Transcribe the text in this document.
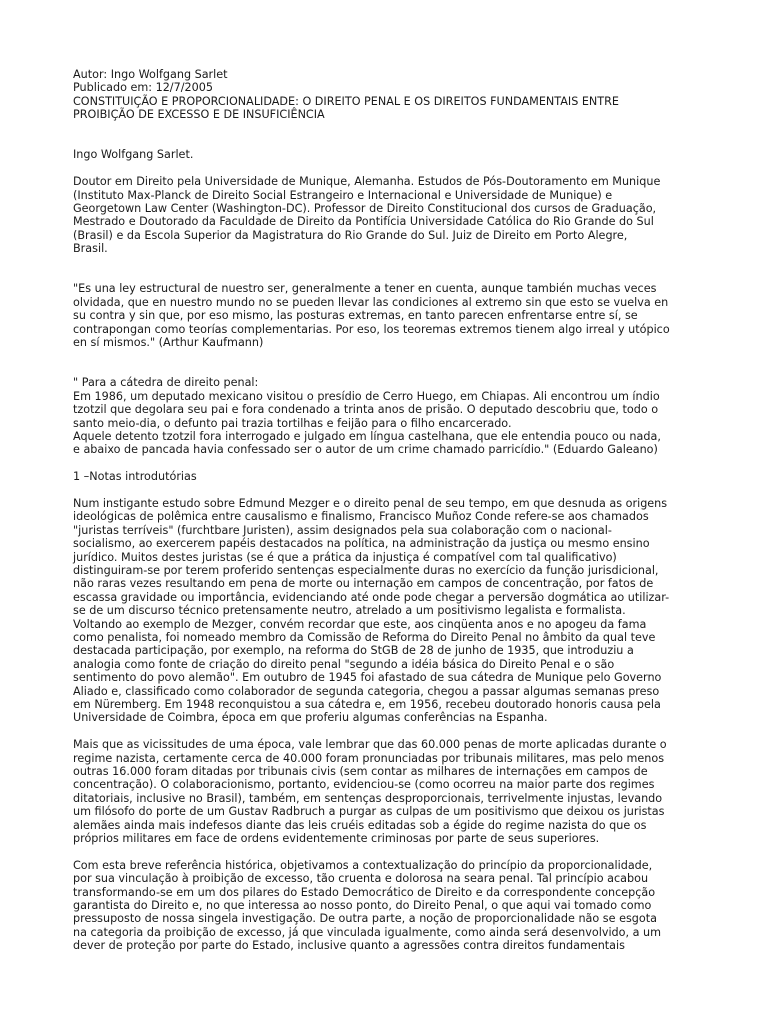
Autor: Ingo Wolfgang Sarlet
Publicado em: 12/7/2005
CONSTITUIÇÃO E PROPORCIONALIDADE: O DIREITO PENAL E OS DIREITOS FUNDAMENTAIS ENTRE
PROIBIÇÃO DE EXCESSO E DE INSUFICIÊNCIA
Ingo Wolfgang Sarlet.
Doutor em Direito pela Universidade de Munique, Alemanha. Estudos de Pós-Doutoramento em Munique
(Instituto Max-Planck de Direito Social Estrangeiro e Internacional e Universidade de Munique) e
Georgetown Law Center (Washington-DC). Professor de Direito Constitucional dos cursos de Graduação,
Mestrado e Doutorado da Faculdade de Direito da Pontifícia Universidade Católica do Rio Grande do Sul
(Brasil) e da Escola Superior da Magistratura do Rio Grande do Sul. Juiz de Direito em Porto Alegre,
Brasil.
"Es una ley estructural de nuestro ser, generalmente a tener en cuenta, aunque también muchas veces
olvidada, que en nuestro mundo no se pueden llevar las condiciones al extremo sin que esto se vuelva en
su contra y sin que, por eso mismo, las posturas extremas, en tanto parecen enfrentarse entre sí, se
contrapongan como teorías complementarias. Por eso, los teoremas extremos tienem algo irreal y utópico
en sí mismos." (Arthur Kaufmann)
" Para a cátedra de direito penal:
Em 1986, um deputado mexicano visitou o presídio de Cerro Huego, em Chiapas. Ali encontrou um índio
tzotzil que degolara seu pai e fora condenado a trinta anos de prisão. O deputado descobriu que, todo o
santo meio-dia, o defunto pai trazia tortilhas e feijão para o filho encarcerado.
Aquele detento tzotzil fora interrogado e julgado em língua castelhana, que ele entendia pouco ou nada,
e abaixo de pancada havia confessado ser o autor de um crime chamado parricídio." (Eduardo Galeano)
1 –Notas introdutórias
Num instigante estudo sobre Edmund Mezger e o direito penal de seu tempo, em que desnuda as origens
ideológicas de polêmica entre causalismo e finalismo, Francisco Muñoz Conde refere-se aos chamados
"juristas terríveis" (furchtbare Juristen), assim designados pela sua colaboração com o nacional-
socialismo, ao exercerem papéis destacados na política, na administração da justiça ou mesmo ensino
jurídico. Muitos destes juristas (se é que a prática da injustiça é compatível com tal qualificativo)
distinguiram-se por terem proferido sentenças especialmente duras no exercício da função jurisdicional,
não raras vezes resultando em pena de morte ou internação em campos de concentração, por fatos de
escassa gravidade ou importância, evidenciando até onde pode chegar a perversão dogmática ao utilizar-
se de um discurso técnico pretensamente neutro, atrelado a um positivismo legalista e formalista.
Voltando ao exemplo de Mezger, convém recordar que este, aos cinqüenta anos e no apogeu da fama
como penalista, foi nomeado membro da Comissão de Reforma do Direito Penal no âmbito da qual teve
destacada participação, por exemplo, na reforma do StGB de 28 de junho de 1935, que introduziu a
analogia como fonte de criação do direito penal "segundo a idéia básica do Direito Penal e o são
sentimento do povo alemão". Em outubro de 1945 foi afastado de sua cátedra de Munique pelo Governo
Aliado e, classificado como colaborador de segunda categoria, chegou a passar algumas semanas preso
em Nüremberg. Em 1948 reconquistou a sua cátedra e, em 1956, recebeu doutorado honoris causa pela
Universidade de Coimbra, época em que proferiu algumas conferências na Espanha.
Mais que as vicissitudes de uma época, vale lembrar que das 60.000 penas de morte aplicadas durante o
regime nazista, certamente cerca de 40.000 foram pronunciadas por tribunais militares, mas pelo menos
outras 16.000 foram ditadas por tribunais civis (sem contar as milhares de internações em campos de
concentração). O colaboracionismo, portanto, evidenciou-se (como ocorreu na maior parte dos regimes
ditatoriais, inclusive no Brasil), também, em sentenças desproporcionais, terrivelmente injustas, levando
um filósofo do porte de um Gustav Radbruch a purgar as culpas de um positivismo que deixou os juristas
alemães ainda mais indefesos diante das leis cruéis editadas sob a égide do regime nazista do que os
próprios militares em face de ordens evidentemente criminosas por parte de seus superiores.
Com esta breve referência histórica, objetivamos a contextualização do princípio da proporcionalidade,
por sua vinculação à proibição de excesso, tão cruenta e dolorosa na seara penal. Tal princípio acabou
transformando-se em um dos pilares do Estado Democrático de Direito e da correspondente concepção
garantista do Direito e, no que interessa ao nosso ponto, do Direito Penal, o que aqui vai tomado como
pressuposto de nossa singela investigação. De outra parte, a noção de proporcionalidade não se esgota
na categoria da proibição de excesso, já que vinculada igualmente, como ainda será desenvolvido, a um
dever de proteção por parte do Estado, inclusive quanto a agressões contra direitos fundamentais
